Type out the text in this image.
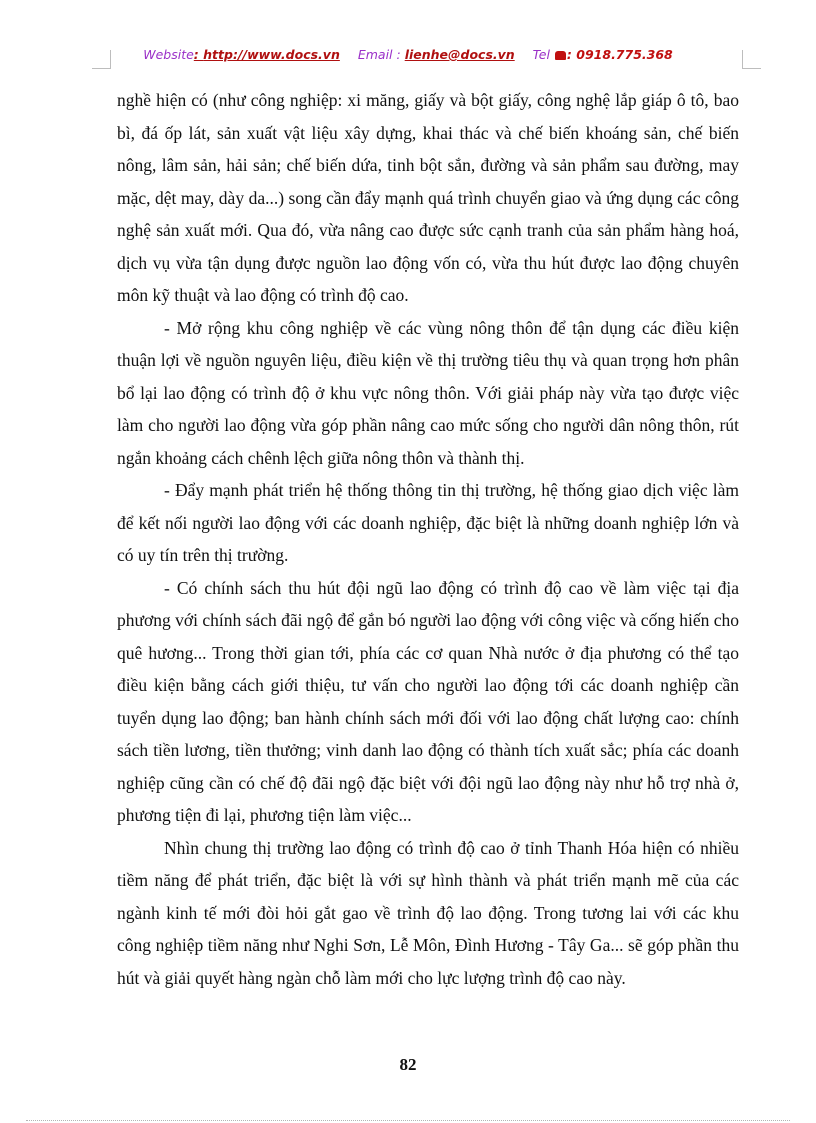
Website: http://www.docs.vn Email : lienhe@docs.vn Tel : 0918.775.368

nghề hiện có (như công nghiệp: xi măng, giấy và bột giấy, công nghệ lắp giáp ô tô, bao bì, đá ốp lát, sản xuất vật liệu xây dựng, khai thác và chế biến khoáng sản, chế biến nông, lâm sản, hải sản; chế biến dứa, tinh bột sắn, đường và sản phẩm sau đường, may mặc, dệt may, dày da...) song cần đẩy mạnh quá trình chuyển giao và ứng dụng các công nghệ sản xuất mới. Qua đó, vừa nâng cao được sức cạnh tranh của sản phẩm hàng hoá, dịch vụ vừa tận dụng được nguồn lao động vốn có, vừa thu hút được lao động chuyên môn kỹ thuật và lao động có trình độ cao.

- Mở rộng khu công nghiệp về các vùng nông thôn để tận dụng các điều kiện thuận lợi về nguồn nguyên liệu, điều kiện về thị trường tiêu thụ và quan trọng hơn phân bổ lại lao động có trình độ ở khu vực nông thôn. Với giải pháp này vừa tạo được việc làm cho người lao động vừa góp phần nâng cao mức sống cho người dân nông thôn, rút ngắn khoảng cách chênh lệch giữa nông thôn và thành thị.

- Đẩy mạnh phát triển hệ thống thông tin thị trường, hệ thống giao dịch việc làm để kết nối người lao động với các doanh nghiệp, đặc biệt là những doanh nghiệp lớn và có uy tín trên thị trường.

- Có chính sách thu hút đội ngũ lao động có trình độ cao về làm việc tại địa phương với chính sách đãi ngộ để gắn bó người lao động với công việc và cống hiến cho quê hương... Trong thời gian tới, phía các cơ quan Nhà nước ở địa phương có thể tạo điều kiện bằng cách giới thiệu, tư vấn cho người lao động tới các doanh nghiệp cần tuyển dụng lao động; ban hành chính sách mới đối với lao động chất lượng cao: chính sách tiền lương, tiền thưởng; vinh danh lao động có thành tích xuất sắc; phía các doanh nghiệp cũng cần có chế độ đãi ngộ đặc biệt với đội ngũ lao động này như hỗ trợ nhà ở, phương tiện đi lại, phương tiện làm việc...

Nhìn chung thị trường lao động có trình độ cao ở tỉnh Thanh Hóa hiện có nhiều tiềm năng để phát triển, đặc biệt là với sự hình thành và phát triển mạnh mẽ của các ngành kinh tế mới đòi hỏi gắt gao về trình độ lao động. Trong tương lai với các khu công nghiệp tiềm năng như Nghi Sơn, Lễ Môn, Đình Hương - Tây Ga... sẽ góp phần thu hút và giải quyết hàng ngàn chỗ làm mới cho lực lượng trình độ cao này.

82
